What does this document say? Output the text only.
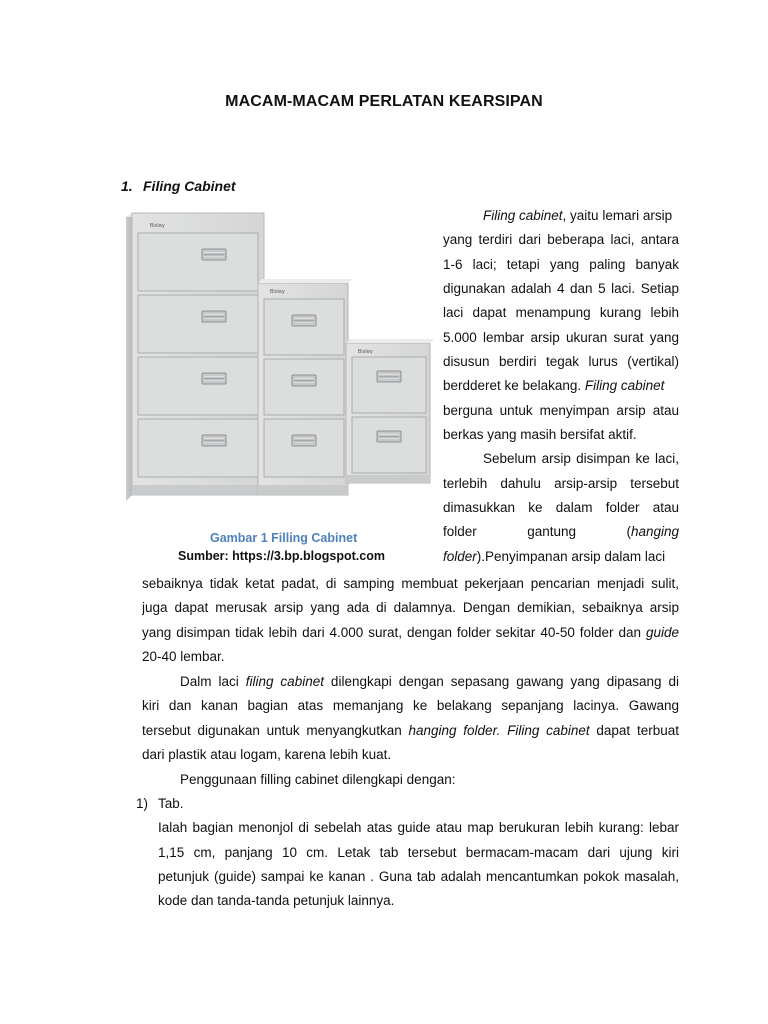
MACAM-MACAM PERLATAN KEARSIPAN
1. Filing Cabinet
Bisley
Bisley
Bisley
Gambar 1 Filling Cabinet
Sumber: https://3.bp.blogspot.com
Filing cabinet, yaitu lemari arsip
yang terdiri dari beberapa laci, antara
1-6 laci; tetapi yang paling banyak
digunakan adalah 4 dan 5 laci. Setiap
laci dapat menampung kurang lebih
5.000 lembar arsip ukuran surat yang
disusun berdiri tegak lurus (vertikal)
berdderet ke belakang. Filing cabinet
berguna untuk menyimpan arsip atau
berkas yang masih bersifat aktif.
Sebelum arsip disimpan ke laci,
terlebih dahulu arsip-arsip tersebut
dimasukkan ke dalam folder atau
folder	gantung	(hanging
folder).Penyimpanan arsip dalam laci
sebaiknya tidak ketat padat, di samping membuat pekerjaan pencarian menjadi sulit,
juga dapat merusak arsip yang ada di dalamnya. Dengan demikian, sebaiknya arsip
yang disimpan tidak lebih dari 4.000 surat, dengan folder sekitar 40-50 folder dan guide
20-40 lembar.
Dalm laci filing cabinet dilengkapi dengan sepasang gawang yang dipasang di
kiri dan kanan bagian atas memanjang ke belakang sepanjang lacinya. Gawang
tersebut digunakan untuk menyangkutkan hanging folder. Filing cabinet dapat terbuat
dari plastik atau logam, karena lebih kuat.
Penggunaan filling cabinet dilengkapi dengan:
1) Tab.
Ialah bagian menonjol di sebelah atas guide atau map berukuran lebih kurang: lebar
1,15 cm, panjang 10 cm. Letak tab tersebut bermacam-macam dari ujung kiri
petunjuk (guide) sampai ke kanan . Guna tab adalah mencantumkan pokok masalah,
kode dan tanda-tanda petunjuk lainnya.
